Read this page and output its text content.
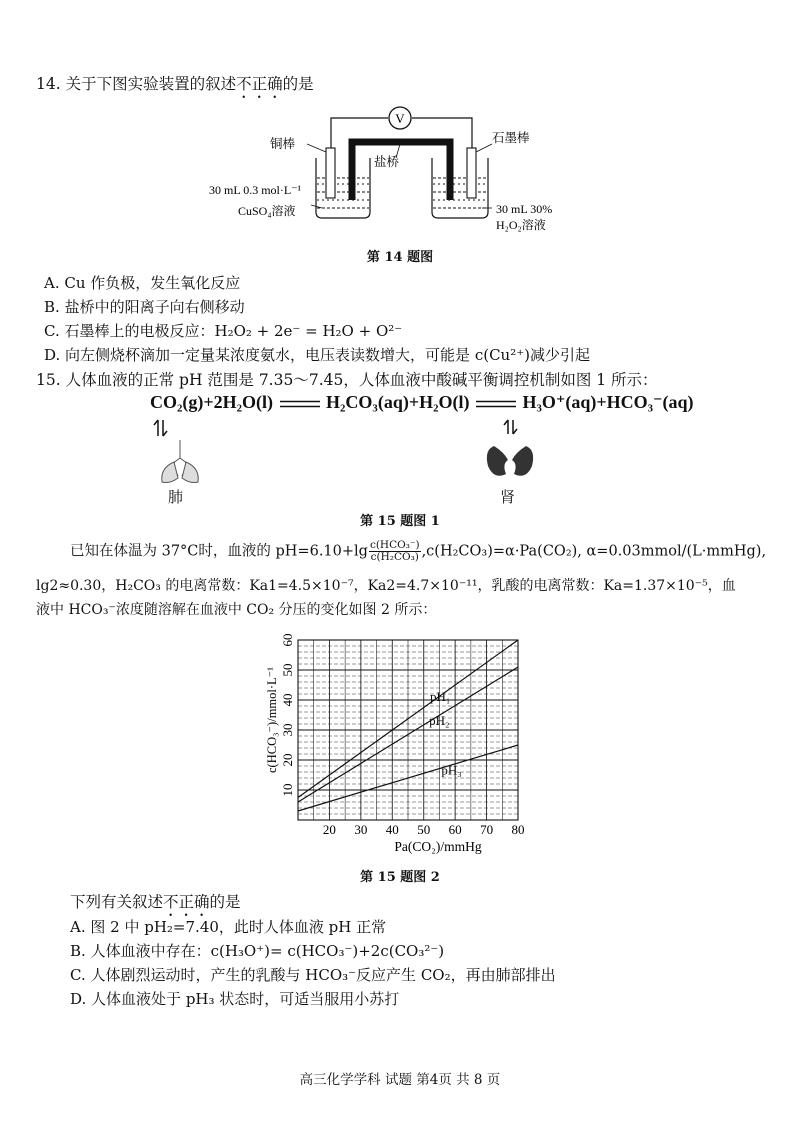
14. 关于下图实验装置的叙述不正确的是
V
铜棒	石墨棒
盐桥
30 mL 0.3 mol·L⁻¹
CuSO₄溶液	30 mL 30%
H₂O₂溶液
第 14 题图
A. Cu 作负极，发生氧化反应
B. 盐桥中的阳离子向右侧移动
C. 石墨棒上的电极反应：H₂O₂ + 2e⁻ = H₂O + O²⁻
D. 向左侧烧杯滴加一定量某浓度氨水，电压表读数增大，可能是 c(Cu²⁺)减少引起
15. 人体血液的正常 pH 范围是 7.35～7.45，人体血液中酸碱平衡调控机制如图 1 所示：
CO₂(g)+2H₂O(l)	H₂CO₃(aq)+H₂O(l)	H₃O⁺(aq)+HCO₃⁻(aq)
肺	肾
第 15 题图 1
已知在体温为 37°C时，血液的 pH=6.10+lg c(HCO₃⁻)
c(H₂CO₃) ,c(H₂CO₃)=α·Pa(CO₂), α=0.03mmol/(L·mmHg),
lg2≈0.30，H₂CO₃ 的电离常数：Ka1=4.5×10⁻⁷，Ka2=4.7×10⁻¹¹，乳酸的电离常数：Ka=1.37×10⁻⁵，血
液中 HCO₃⁻浓度随溶解在血液中 CO₂ 分压的变化如图 2 所示：
pH₁
pH₂
pH₃
20 30 40 50 60 70 80
10
20
30
40
50
60
Pa(CO₂)/mmHg
c(HCO₃⁻)/mmol·L⁻¹
第 15 题图 2
下列有关叙述不正确的是
A. 图 2 中 pH₂=7.40，此时人体血液 pH 正常
B. 人体血液中存在：c(H₃O⁺)= c(HCO₃⁻)+2c(CO₃²⁻)
C. 人体剧烈运动时，产生的乳酸与 HCO₃⁻反应产生 CO₂，再由肺部排出
D. 人体血液处于 pH₃ 状态时，可适当服用小苏打
高三化学学科 试题 第4页 共 8 页
